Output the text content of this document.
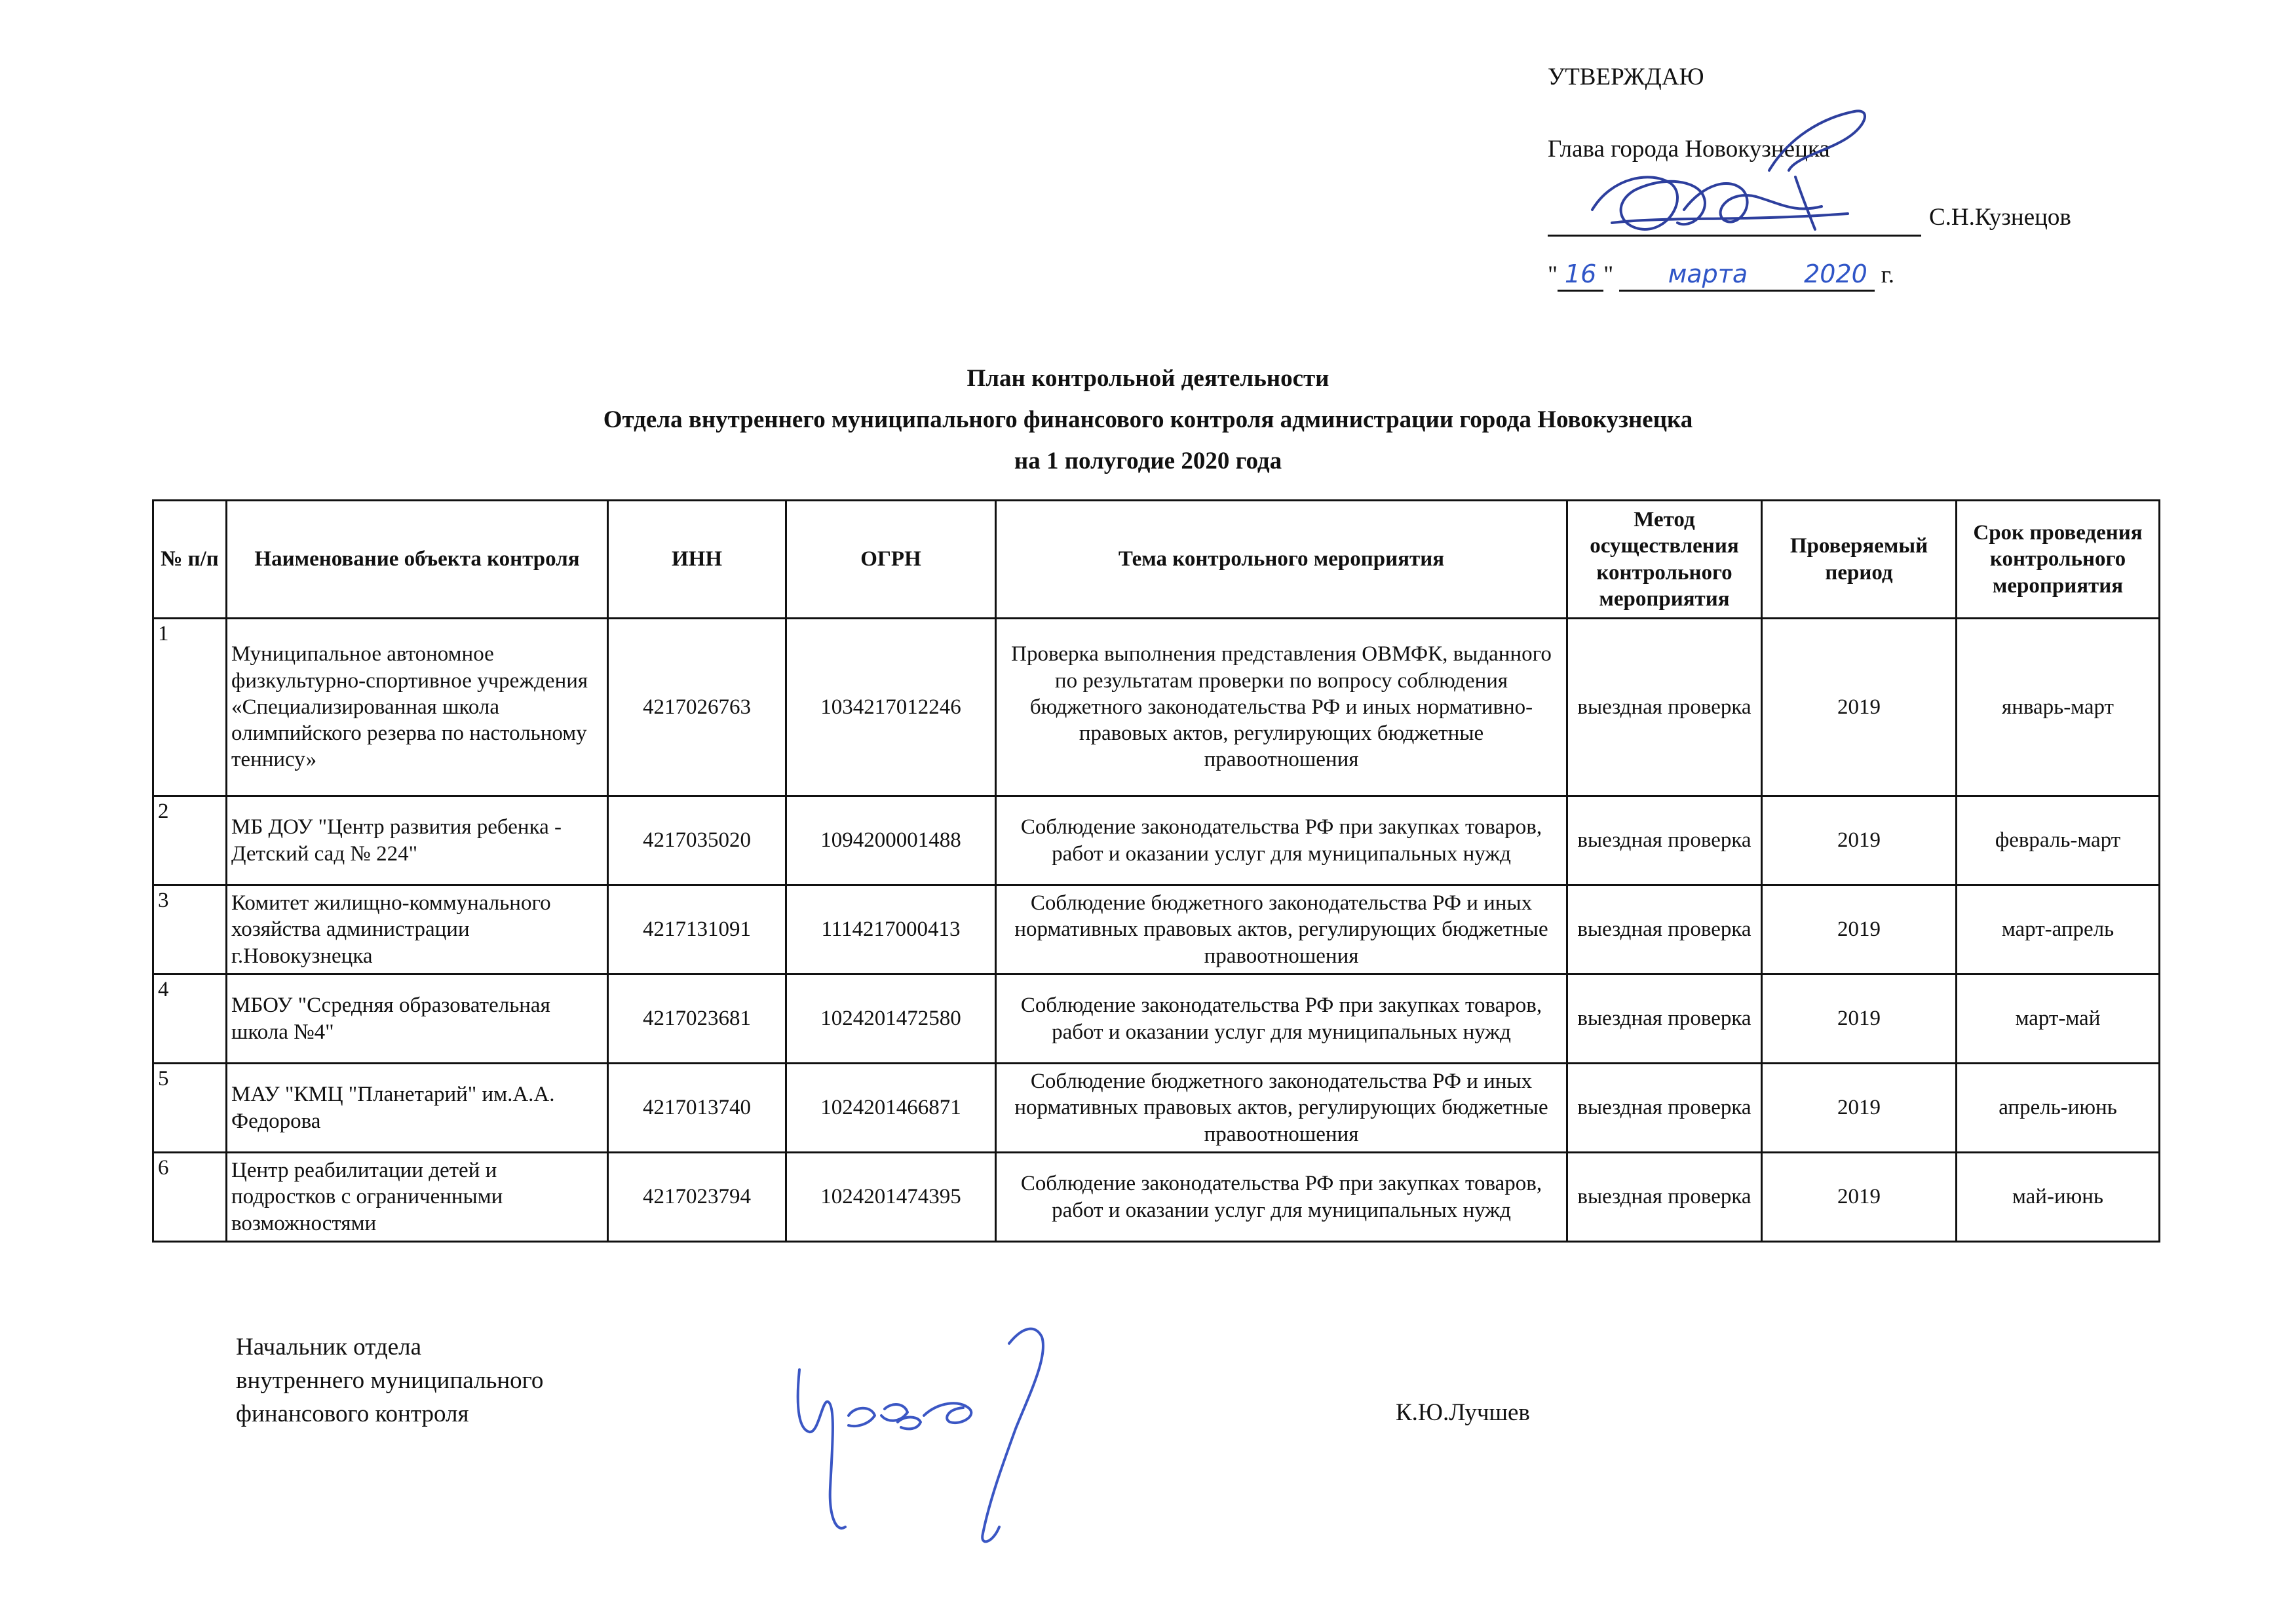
УТВЕРЖДАЮ
Глава города Новокузнецка
С.Н.Кузнецов
" 16 " марта 2020 г.
План контрольной деятельности
Отдела внутреннего муниципального финансового контроля администрации города Новокузнецка
на 1 полугодие 2020 года
№ п/п	Наименование объекта контроля	ИНН	ОГРН	Тема контрольного мероприятия	Метод осуществления контрольного мероприятия	Проверяемый период	Срок проведения контрольного мероприятия
1	Муниципальное автономное физкультурно-спортивное учреждения «Специализированная школа олимпийского резерва по настольному теннису»	4217026763	1034217012246	Проверка выполнения представления ОВМФК, выданного по результатам проверки по вопросу соблюдения бюджетного законодательства РФ и иных нормативно-правовых актов, регулирующих бюджетные правоотношения	выездная проверка	2019	январь-март
2	МБ ДОУ "Центр развития ребенка - Детский сад № 224"	4217035020	1094200001488	Соблюдение законодательства РФ при закупках товаров, работ и оказании услуг для муниципальных нужд	выездная проверка	2019	февраль-март
3	Комитет жилищно-коммунального хозяйства администрации г.Новокузнецка	4217131091	1114217000413	Соблюдение бюджетного законодательства РФ и иных нормативных правовых актов, регулирующих бюджетные правоотношения	выездная проверка	2019	март-апрель
4	МБОУ "Ссредняя образовательная школа №4"	4217023681	1024201472580	Соблюдение законодательства РФ при закупках товаров, работ и оказании услуг для муниципальных нужд	выездная проверка	2019	март-май
5	МАУ "КМЦ "Планетарий" им.А.А. Федорова	4217013740	1024201466871	Соблюдение бюджетного законодательства РФ и иных нормативных правовых актов, регулирующих бюджетные правоотношения	выездная проверка	2019	апрель-июнь
6	Центр реабилитации детей и подростков с ограниченными возможностями	4217023794	1024201474395	Соблюдение законодательства РФ при закупках товаров, работ и оказании услуг для муниципальных нужд	выездная проверка	2019	май-июнь
Начальник отдела
внутреннего муниципального
финансового контроля	К.Ю.Лучшев
